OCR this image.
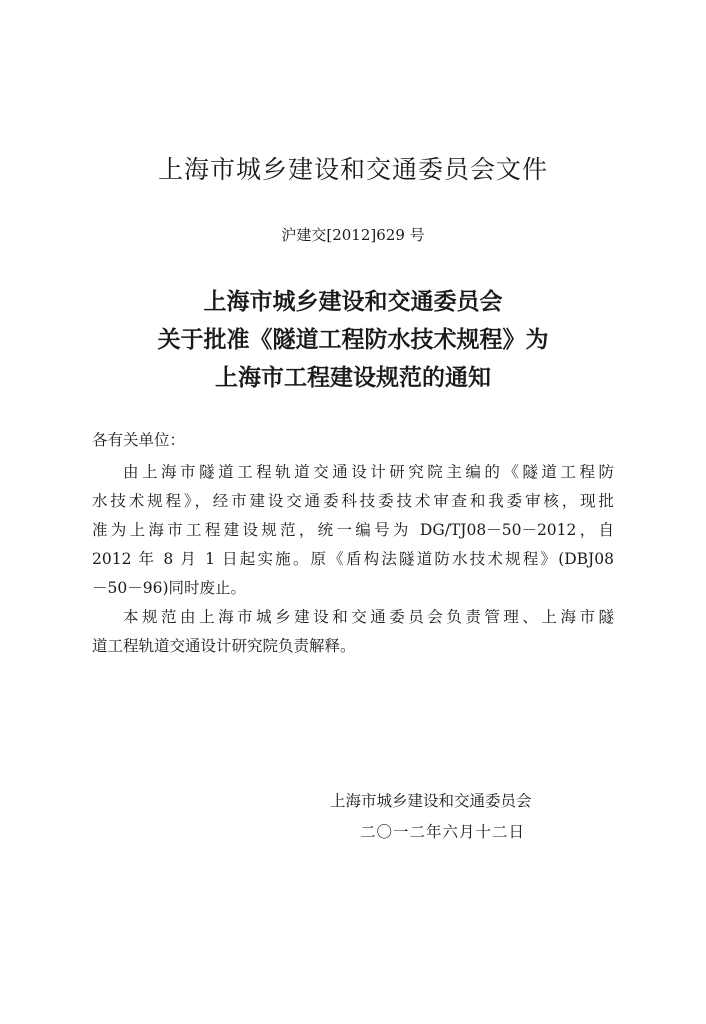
上海市城乡建设和交通委员会文件
沪建交[2012]629 号
上海市城乡建设和交通委员会
关于批准《隧道工程防水技术规程》为
上海市工程建设规范的通知
各有关单位：
由上海市隧道工程轨道交通设计研究院主编的《隧道工程防
水技术规程》，经市建设交通委科技委技术审查和我委审核，现批
准为上海市工程建设规范，统一编号为 DG/TJ08－50－2012，自
2012 年 8 月 1 日起实施。原《盾构法隧道防水技术规程》(DBJ08
－50－96)同时废止。
本规范由上海市城乡建设和交通委员会负责管理、上海市隧
道工程轨道交通设计研究院负责解释。
上海市城乡建设和交通委员会
二〇一二年六月十二日
